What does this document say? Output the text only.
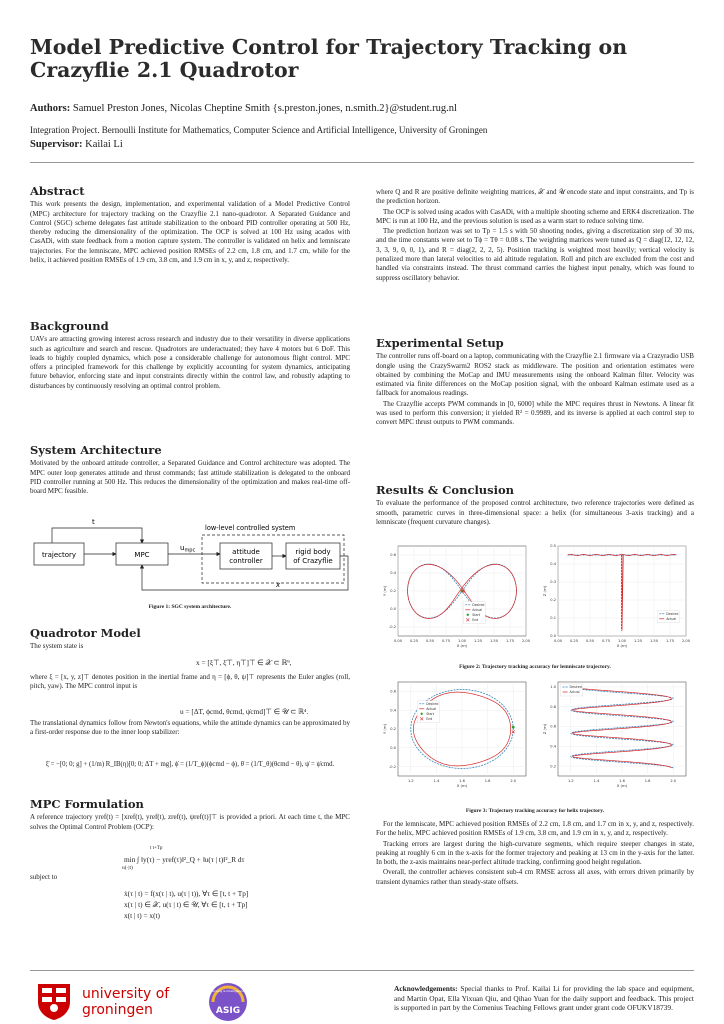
Model Predictive Control for Trajectory Tracking on
Crazyflie 2.1 Quadrotor
Authors: Samuel Preston Jones, Nicolas Cheptine Smith {s.preston.jones, n.smith.2}@student.rug.nl
Integration Project. Bernoulli Institute for Mathematics, Computer Science and Artificial Intelligence, University of Groningen
Supervisor: Kailai Li
Abstract

This work presents the design, implementation, and experimental validation of a Model Predictive Control (MPC) architecture for trajectory tracking on the Crazyflie 2.1 nano-quadrotor. A Separated Guidance and Control (SGC) scheme delegates fast attitude stabilization to the onboard PID controller operating at 500 Hz, thereby reducing the dimensionality of the optimization. The OCP is solved at 100 Hz using acados with CasADi, with state feedback from a motion capture system. The controller is validated on helix and lemniscate trajectories. For the lemniscate, MPC achieved position RMSEs of 2.2 cm, 1.8 cm, and 1.7 cm, while for the helix, it achieved position RMSEs of 1.9 cm, 3.8 cm, and 1.9 cm in x, y, and z, respectively.

Background

UAVs are attracting growing interest across research and industry due to their versatility in diverse applications such as agriculture and search and rescue. Quadrotors are underactuated; they have 4 motors but 6 DoF. This leads to highly coupled dynamics, which pose a considerable challenge for autonomous flight control. MPC offers a principled framework for this challenge by explicitly accounting for system dynamics, anticipating future behavior, enforcing state and input constraints directly within the control law, and robustly adapting to disturbances by continuously resolving an optimal control problem.

System Architecture

Motivated by the onboard attitude controller, a Separated Guidance and Control architecture was adopted. The MPC outer loop generates attitude and thrust commands; fast attitude stabilization is delegated to the onboard PID controller running at 500 Hz. This reduces the dimensionality of the optimization and makes real-time off-board MPC feasible.

t
trajectory	MPC
$u_{mpc}$
low-level controlled system
attitude
controller
rigid body
of Crazyflie
x
Figure 1: SGC system architecture.
Quadrotor Model

The system state is

x = [ξ⊤, ξ̇⊤, η⊤]⊤ ∈ 𝒳 ⊂ ℝ⁹,
where ξ = [x, y, z]⊤ denotes position in the inertial frame and η = [ϕ, θ, ψ]⊤ represents the Euler angles (roll, pitch, yaw). The MPC control input is
u = [ΔT, ϕcmd, θcmd, ψ̇cmd]⊤ ∈ 𝒰 ⊂ ℝ⁴.
The translational dynamics follow from Newton's equations, while the attitude dynamics can be approximated by a first-order response due to the inner loop stabilizer:
ξ̈ = −[0; 0; g] + (1/m) R_IB(η)[0; 0; ΔT + mg], ϕ̇ = (1/T_ϕ)(ϕcmd − ϕ), θ̇ = (1/T_θ)(θcmd − θ), ψ̇ = ψ̇cmd.
MPC Formulation

A reference trajectory yref(t) = [xref(t), yref(t), zref(t), ψref(t)]⊤ is provided a priori. At each time t, the MPC solves the Optimal Control Problem (OCP):

min ∫ ‖y(τ) − yref(τ)‖²_Q + ‖u(τ | t)‖²_R dτ
u(·|t)
t t+Tp
subject to
ẋ(τ | t) = f(x(τ | t), u(τ | t)), ∀τ ∈ [t, t + Tp]
x(τ | t) ∈ 𝒳, u(τ | t) ∈ 𝒰, ∀τ ∈ [t, t + Tp]
x(t | t) = x(t)

where Q and R are positive definite weighting matrices, 𝒳 and 𝒰 encode state and input constraints, and Tp is the prediction horizon.

The OCP is solved using acados with CasADi, with a multiple shooting scheme and ERK4 discretization. The MPC is run at 100 Hz, and the previous solution is used as a warm start to reduce solving time.

The prediction horizon was set to Tp = 1.5 s with 50 shooting nodes, giving a discretization step of 30 ms, and the time constants were set to Tϕ = Tθ = 0.08 s. The weighting matrices were tuned as Q = diag(12, 12, 12, 3, 3, 9, 0, 0, 1), and R = diag(2, 2, 2, 5). Position tracking is weighted most heavily; vertical velocity is penalized more than lateral velocities to aid altitude regulation. Roll and pitch are excluded from the cost and handled via constraints instead. The thrust command carries the highest input penalty, which was found to suppress oscillatory behavior.

Experimental Setup

The controller runs off-board on a laptop, communicating with the Crazyflie 2.1 firmware via a Crazyradio USB dongle using the CrazySwarm2 ROS2 stack as middleware. The position and orientation estimates were obtained by combining the MoCap and IMU measurements using the onboard Kalman filter. Velocity was estimated via finite differences on the MoCap position signal, with the onboard Kalman estimate used as a fallback for anomalous readings.

The Crazyflie accepts PWM commands in [0, 6000] while the MPC requires thrust in Newtons. A linear fit was used to perform this conversion; it yielded R² = 0.9989, and its inverse is applied at each control step to convert MPC thrust outputs to PWM commands.

Results & Conclusion

To evaluate the performance of the proposed control architecture, two reference trajectories were defined as smooth, parametric curves in three-dimensional space: a helix (for simultaneous 3-axis tracking) and a lemniscate (frequent curvature changes).

0.00 0.25 0.50 0.75 1.00 1.25 1.50 1.75 2.00
-0.2
0.0
0.2
0.4
0.6
X (m)
Y (m)
Desired
Actual
Start
End
0.00 0.25 0.50 0.75 1.00 1.25 1.50 1.75 2.00
0.0
0.1
0.2
0.3
0.4
0.5
X (m)
Z (m)
Desired
Actual
Figure 2: Trajectory tracking accuracy for lemniscate trajectory.
1.2	1.4	1.6	1.8	2.0
-0.2
0.0
0.2
0.4
0.6
X (m)
Y (m)
Desired
Actual
Start
End
1.2	1.4	1.6	1.8	2.0
0.2
0.4
0.6
0.8
1.0
X (m)
Z (m)
Desired
Actual
Figure 3: Trajectory tracking accuracy for helix trajectory.

For the lemniscate, MPC achieved position RMSEs of 2.2 cm, 1.8 cm, and 1.7 cm in x, y, and z, respectively. For the helix, MPC achieved position RMSEs of 1.9 cm, 3.8 cm, and 1.9 cm in x, y, and z, respectively.

Tracking errors are largest during the high-curvature segments, which require steeper changes in state, peaking at roughly 6 cm in the x-axis for the former trajectory and peaking at 13 cm in the y-axis for the latter. In both, the z-axis maintains near-perfect altitude tracking, confirming good height regulation.

Overall, the controller achieves consistent sub-4 cm RMSE across all axes, with errors driven primarily by transient dynamics rather than steady-state offsets.

university of
groningen
Agile Sensing & Intelligence Group
ASIG
Acknowledgements: Special thanks to Prof. Kailai Li for providing the lab space and equipment, and Martin Opat, Ella Yixuan Qiu, and Qihao Yuan for the daily support and feedback. This project is supported in part by the Comenius Teaching Fellows grant under grant code OFUKV18739.
